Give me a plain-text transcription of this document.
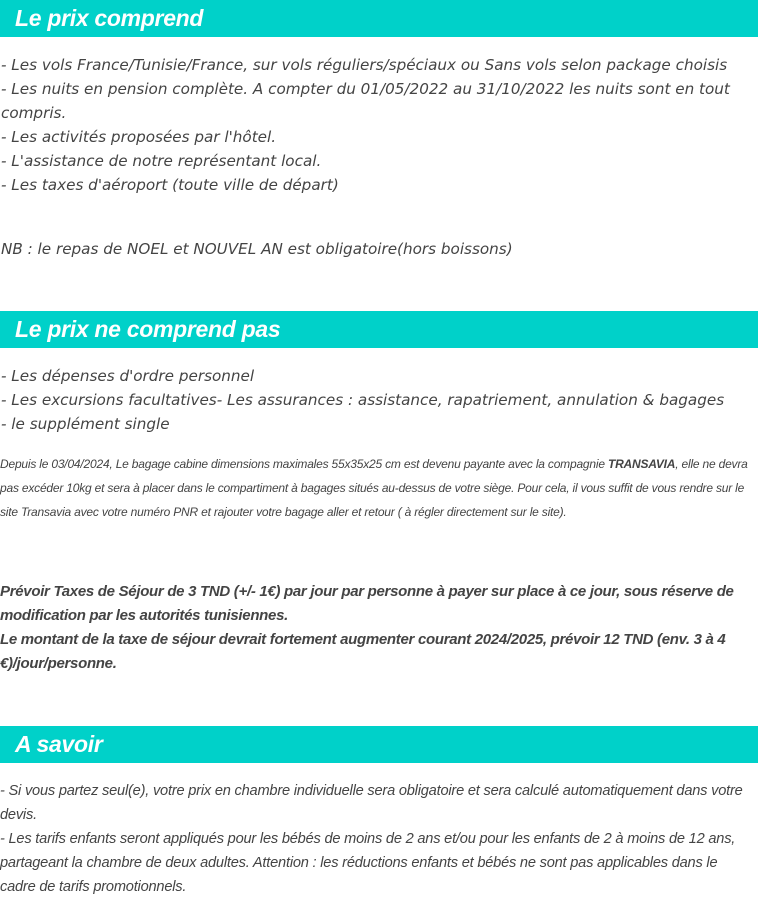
Le prix comprend
- Les vols France/Tunisie/France, sur vols réguliers/spéciaux ou Sans vols selon package choisis
- Les nuits en pension complète. A compter du 01/05/2022 au 31/10/2022 les nuits sont en tout compris.
- Les activités proposées par l'hôtel.
- L'assistance de notre représentant local.
- Les taxes d'aéroport (toute ville de départ)
NB : le repas de NOEL et NOUVEL AN est obligatoire(hors boissons)
Le prix ne comprend pas
- Les dépenses d'ordre personnel
- Les excursions facultatives- Les assurances : assistance, rapatriement, annulation & bagages
- le supplément single
Depuis le 03/04/2024, Le bagage cabine dimensions maximales 55x35x25 cm est devenu payante avec la compagnie TRANSAVIA, elle ne devra pas excéder 10kg et sera à placer dans le compartiment à bagages situés au-dessus de votre siège. Pour cela, il vous suffit de vous rendre sur le site Transavia avec votre numéro PNR et rajouter votre bagage aller et retour ( à régler directement sur le site).
Prévoir Taxes de Séjour de 3 TND (+/- 1€) par jour par personne à payer sur place à ce jour, sous réserve de modification par les autorités tunisiennes.
Le montant de la taxe de séjour devrait fortement augmenter courant 2024/2025, prévoir 12 TND (env. 3 à 4 €)/jour/personne.
A savoir
- Si vous partez seul(e), votre prix en chambre individuelle sera obligatoire et sera calculé automatiquement dans votre devis.
- Les tarifs enfants seront appliqués pour les bébés de moins de 2 ans et/ou pour les enfants de 2 à moins de 12 ans, partageant la chambre de deux adultes. Attention : les réductions enfants et bébés ne sont pas applicables dans le cadre de tarifs promotionnels.
